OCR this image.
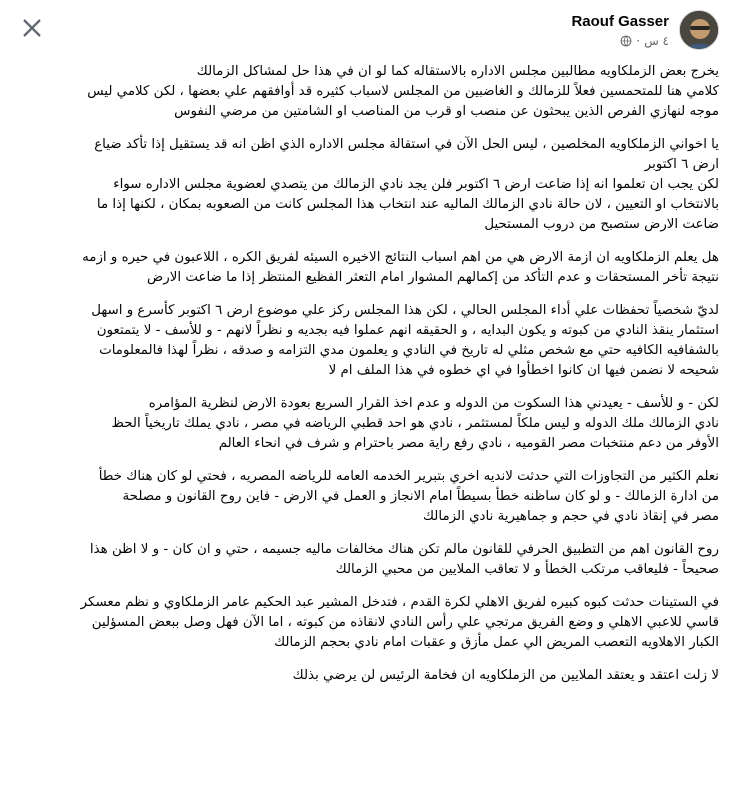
Raouf Gasser
· ٤ س
يخرج بعض الزملكاويه مطالبين مجلس الاداره بالاستقاله كما لو ان في هذا حل لمشاكل الزمالك
كلامي هنا للمتحمسين فعلاً للزمالك و الغاضبين من المجلس لاسباب كثيره قد أوافقهم علي بعضها ، لكن كلامي ليس
موجه لنهازي الفرص الذين يبحثون عن منصب او قرب من المناصب او الشامتين من مرضي النفوس
يا اخواني الزملكاويه المخلصين ، ليس الحل الآن في استقالة مجلس الاداره الذي اظن انه قد يستقيل إذا تأكد ضياع
ارض ٦ اكتوبر
لكن يجب ان تعلموا انه إذا ضاعت ارض ٦ اكتوبر فلن يجد نادي الزمالك من يتصدي لعضوية مجلس الاداره سواء
بالانتخاب او التعيين ، لان حالة نادي الزمالك الماليه عند انتخاب هذا المجلس كانت من الصعوبه بمكان ، لكنها إذا ما
ضاعت الارض ستصبح من دروب المستحيل
هل يعلم الزملكاويه ان ازمة الارض هي من اهم اسباب النتائج الاخيره السيئه لفريق الكره ، اللاعبون في حيره و ازمه
نتيجة تأخر المستحقات و عدم التأكد من إكمالهم المشوار امام التعثر الفظيع المنتظر إذا ما ضاعت الارض
لديّ شخصياً تحفظات علي أداء المجلس الحالي ، لكن هذا المجلس ركز علي موضوع ارض ٦ اكتوبر كأسرع و اسهل
استثمار ينقذ النادي من كبوته و يكون البدايه ، و الحقيقه انهم عملوا فيه بجديه و نظراً لانهم - و للأسف - لا يتمتعون
بالشفافيه الكافيه حتي مع شخص مثلي له تاريخ في النادي و يعلمون مدي التزامه و صدقه ، نظراً لهذا فالمعلومات
شحيحه لا نضمن فيها ان كانوا اخطأوا في اي خطوه في هذا الملف ام لا
لكن - و للأسف - يعيدني هذا السكوت من الدوله و عدم اخذ القرار السريع بعودة الارض لنظرية المؤامره
نادي الزمالك ملك الدوله و ليس ملكاً لمستثمر ، نادي هو احد قطبي الرياضه في مصر ، نادي يملك تاريخياً الحظ
الأوفر من دعم منتخبات مصر القوميه ، نادي رفع راية مصر باحترام و شرف في انحاء العالم
نعلم الكثير من التجاوزات التي حدثت لانديه اخري بتبرير الخدمه العامه للرياضه المصريه ، فحتي لو كان هناك خطأ
من ادارة الزمالك - و لو كان ساظنه خطأ بسيطاً امام الانجاز و العمل في الارض - فاين روح القانون و مصلحة
مصر في إنقاذ نادي في حجم و جماهيرية نادي الزمالك
روح القانون اهم من التطبيق الحرفي للقانون مالم تكن هناك مخالفات ماليه جسيمه ، حتي و ان كان - و لا اظن هذا
صحيحاً - فليعاقب مرتكب الخطأ و لا تعاقب الملايين من محبي الزمالك
في الستينات حدثت كبوه كبيره لفريق الاهلي لكرة القدم ، فتدخل المشير عبد الحكيم عامر الزملكاوي و نظم معسكر
قاسي للاعبي الاهلي و وضع الفريق مرتجي علي رأس النادي لانقاذه من كبوته ، اما الآن فهل وصل ببعض المسؤلين
الكبار الاهلاويه التعصب المريض الي عمل مأزق و عقبات امام نادي بحجم الزمالك
لا زلت اعتقد و يعتقد الملايين من الزملكاويه ان فخامة الرئيس لن يرضي بذلك
